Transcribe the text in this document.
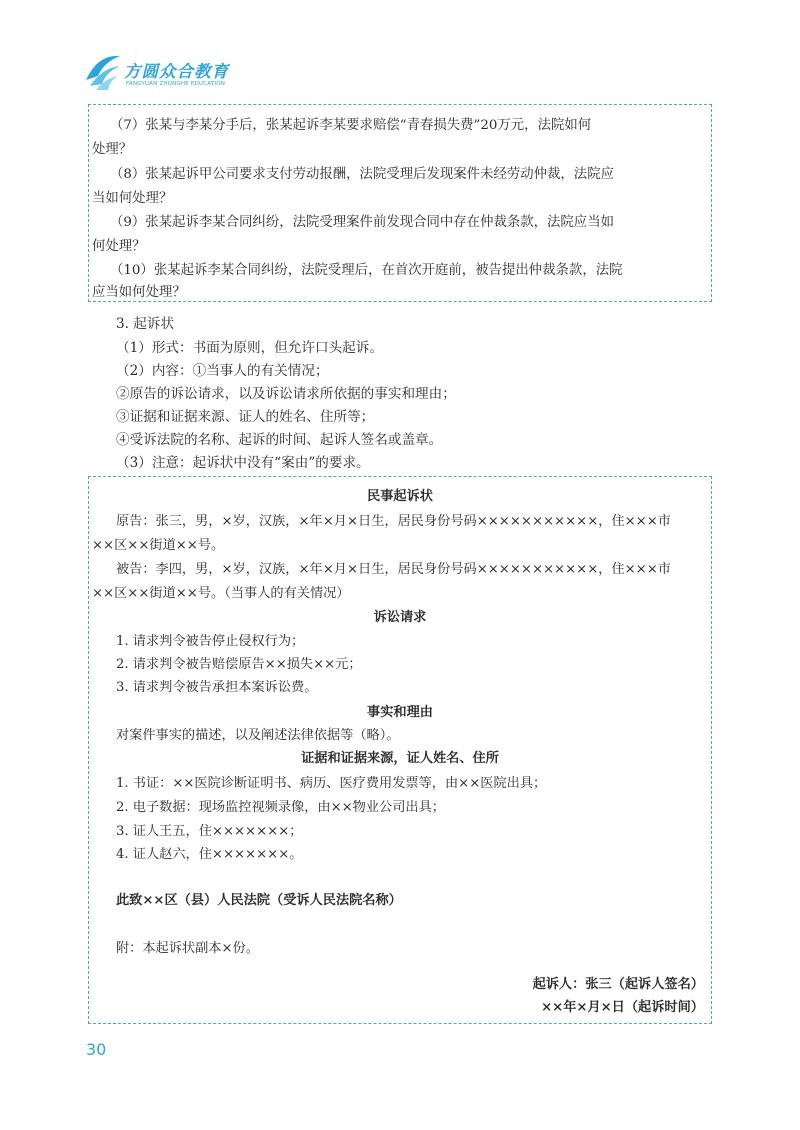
方圆众合教育
FANGYUAN ZHONGHE EDUCATION
（7）张某与李某分手后，张某起诉李某要求赔偿“青春损失费”20万元，法院如何
处理？
（8）张某起诉甲公司要求支付劳动报酬，法院受理后发现案件未经劳动仲裁，法院应
当如何处理？
（9）张某起诉李某合同纠纷，法院受理案件前发现合同中存在仲裁条款，法院应当如
何处理？
（10）张某起诉李某合同纠纷，法院受理后，在首次开庭前，被告提出仲裁条款，法院
应当如何处理？
3. 起诉状
（1）形式：书面为原则，但允许口头起诉。
（2）内容：①当事人的有关情况；
②原告的诉讼请求，以及诉讼请求所依据的事实和理由；
③证据和证据来源、证人的姓名、住所等；
④受诉法院的名称、起诉的时间、起诉人签名或盖章。
（3）注意：起诉状中没有“案由”的要求。
民事起诉状
原告：张三，男，×岁，汉族，×年×月×日生，居民身份号码×××××××××××，住×××市
××区××街道××号。
被告：李四，男，×岁，汉族，×年×月×日生，居民身份号码×××××××××××，住×××市
××区××街道××号。（当事人的有关情况）
诉讼请求
1. 请求判令被告停止侵权行为；
2. 请求判令被告赔偿原告××损失××元；
3. 请求判令被告承担本案诉讼费。
事实和理由
对案件事实的描述，以及阐述法律依据等（略）。
证据和证据来源，证人姓名、住所
1. 书证：××医院诊断证明书、病历、医疗费用发票等，由××医院出具；
2. 电子数据：现场监控视频录像，由××物业公司出具；
3. 证人王五，住×××××××；
4. 证人赵六，住×××××××。
此致××区（县）人民法院（受诉人民法院名称）
附：本起诉状副本×份。
起诉人：张三（起诉人签名）
××年×月×日（起诉时间）
30
